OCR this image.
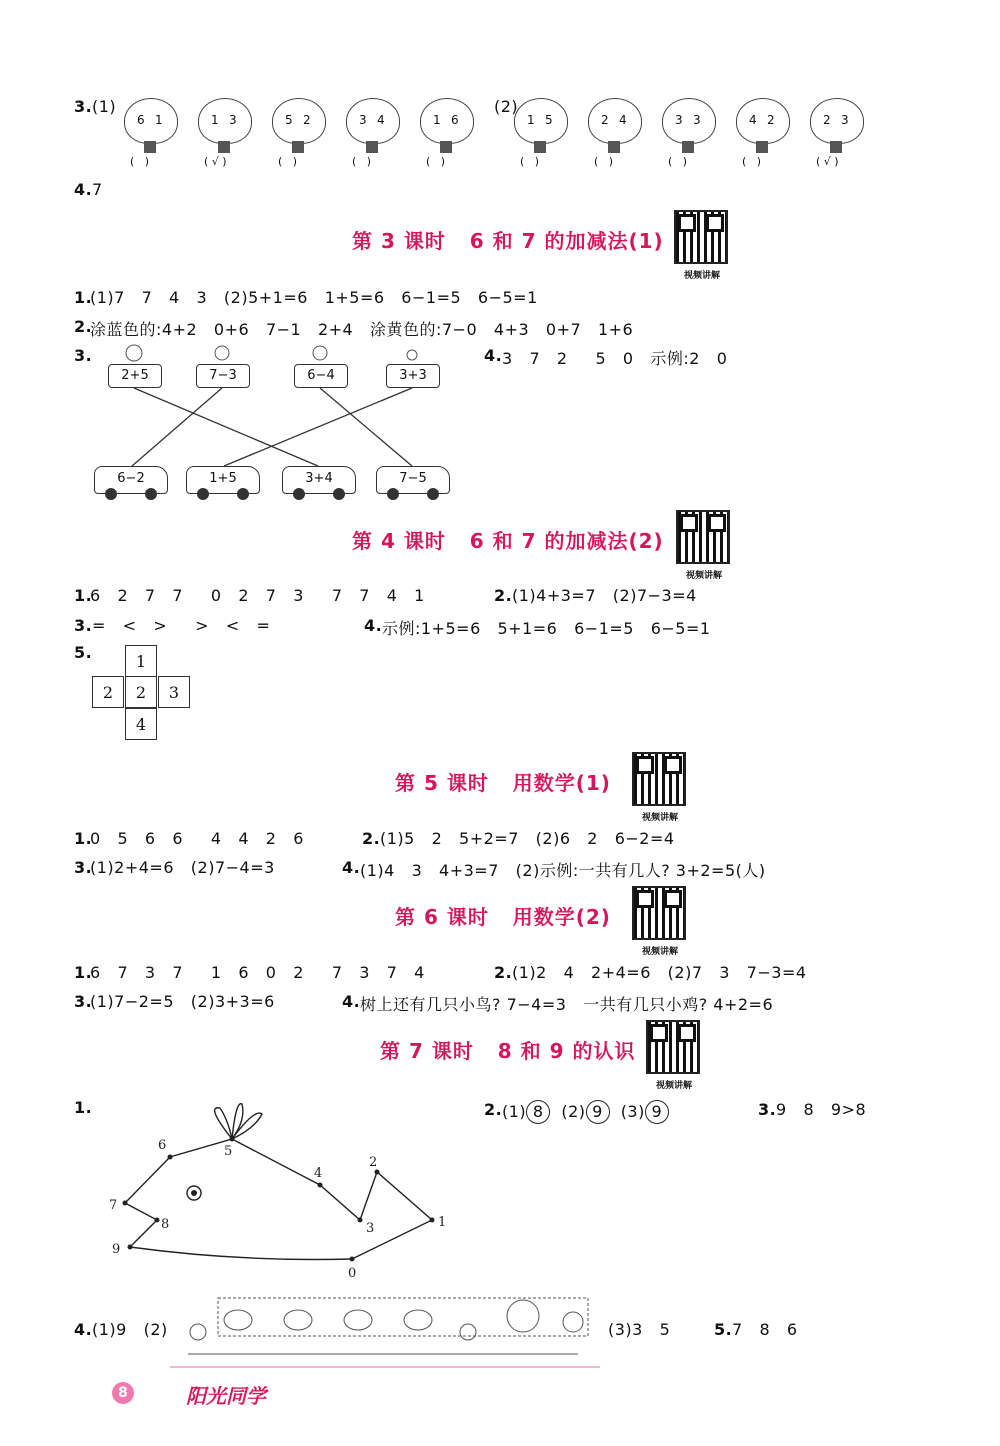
3. (1)	(2)
6 1
(   )
1 3
( √ )
5 2
(   )
3 4
(   )
1 6
(   )
1 5
(   )
2 4
(   )
3 3
(   )
4 2
(   )
2 3
( √ )
4. 7
第 3 课时   6 和 7 的加减法(1)
视频讲解
1.
(1)7   7   4   3   (2)5+1=6   1+5=6   6−1=5   6−5=1
2.
涂蓝色的:4+2   0+6   7−1   2+4   涂黄色的:7−0   4+3   0+7   1+6
3.	4. 3   7   2     5   0   示例:2   0
2+5	7−3	6−4	3+3
6−2	1+5	3+4	7−5
第 4 课时   6 和 7 的加减法(2)
视频讲解
1.
6   2   7   7     0   2   7   3     7   7   4   1	2. (1)4+3=7   (2)7−3=4
3. =   <   >     >   <   =	4. 示例:1+5=6   5+1=6   6−1=5   6−5=1
5.	1
2	2	3
4
第 5 课时   用数学(1)
视频讲解
1.
0   5   6   6     4   4   2   6	2. (1)5   2   5+2=7   (2)6   2   6−2=4
3.
(1)2+4=6   (2)7−4=3	4. (1)4   3   4+3=7   (2)示例:一共有几人? 3+2=5(人)
第 6 课时   用数学(2)
视频讲解
1.
6   7   3   7     1   6   0   2     7   3   7   4	2. (1)2   4   2+4=6   (2)7   3   7−3=4
3.
(1)7−2=5   (2)3+3=6	4. 树上还有几只小鸟? 7−4=3   一共有几只小鸡? 4+2=6
第 7 课时   8 和 9 的认识
视频讲解
1.	2. (1) 8 (2) 9 (3) 9	3. 9   8   9>8
0
1
2
3
4
5
6
7
8
9
4. (1)9   (2)	(3)3   5	5. 7   8   6
8	阳光同学
